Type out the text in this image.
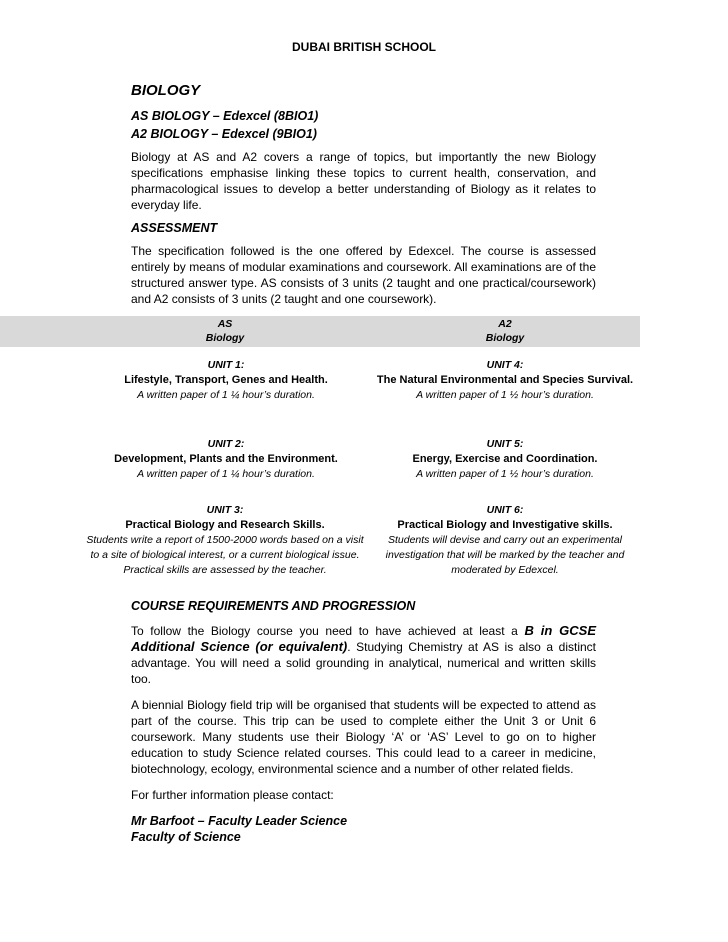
DUBAI BRITISH SCHOOL
BIOLOGY
AS BIOLOGY – Edexcel (8BIO1)
A2 BIOLOGY – Edexcel (9BIO1)
Biology at AS and A2 covers a range of topics, but importantly the new Biology specifications emphasise linking these topics to current health, conservation, and pharmacological issues to develop a better understanding of Biology as it relates to everyday life.
ASSESSMENT
The specification followed is the one offered by Edexcel. The course is assessed entirely by means of modular examinations and coursework. All examinations are of the structured answer type. AS consists of 3 units (2 taught and one practical/coursework) and A2 consists of 3 units (2 taught and one coursework).
AS
Biology
A2
Biology
UNIT 1:
Lifestyle, Transport, Genes and Health.
A written paper of 1 ¼ hour’s duration.
UNIT 4:
The Natural Environmental and Species Survival.
A written paper of 1 ½ hour’s duration.
UNIT 2:
Development, Plants and the Environment.
A written paper of 1 ¼ hour’s duration.
UNIT 5:
Energy, Exercise and Coordination.
A written paper of 1 ½ hour’s duration.
UNIT 3:
Practical Biology and Research Skills.
Students write a report of 1500-2000 words based on a visit to a site of biological interest, or a current biological issue. Practical skills are assessed by the teacher.
UNIT 6:
Practical Biology and Investigative skills.
Students will devise and carry out an experimental investigation that will be marked by the teacher and moderated by Edexcel.
COURSE REQUIREMENTS AND PROGRESSION
To follow the Biology course you need to have achieved at least a B in GCSE Additional Science (or equivalent). Studying Chemistry at AS is also a distinct advantage. You will need a solid grounding in analytical, numerical and written skills too.
A biennial Biology field trip will be organised that students will be expected to attend as part of the course. This trip can be used to complete either the Unit 3 or Unit 6 coursework. Many students use their Biology ‘A’ or ‘AS’ Level to go on to higher education to study Science related courses. This could lead to a career in medicine, biotechnology, ecology, environmental science and a number of other related fields.
For further information please contact:
Mr Barfoot – Faculty Leader Science
Faculty of Science
